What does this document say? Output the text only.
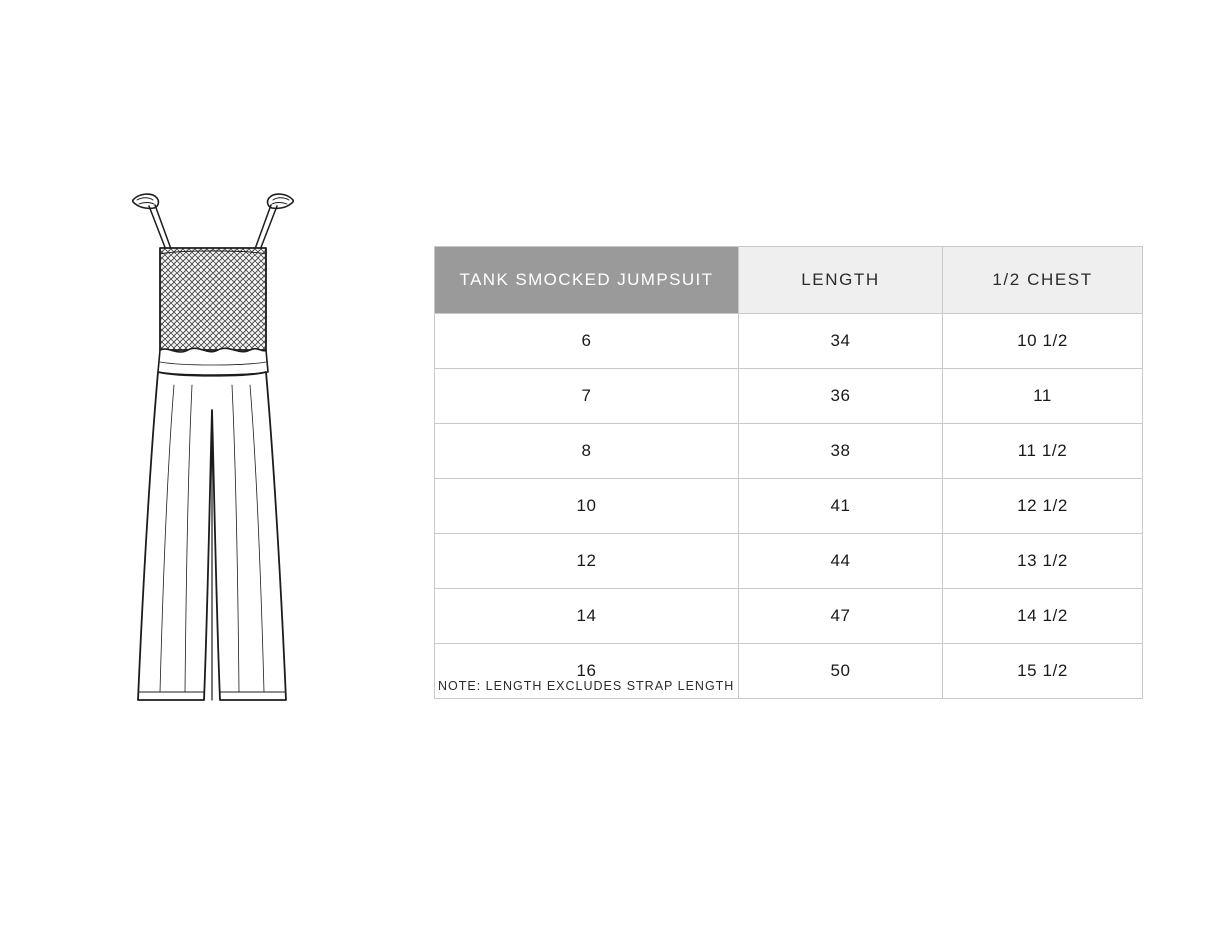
TANK SMOCKED JUMPSUIT	LENGTH	1/2 CHEST
6	34	10 1/2
7	36	11
8	38	11 1/2
10	41	12 1/2
12	44	13 1/2
14	47	14 1/2
16	50	15 1/2
NOTE: LENGTH EXCLUDES STRAP LENGTH
